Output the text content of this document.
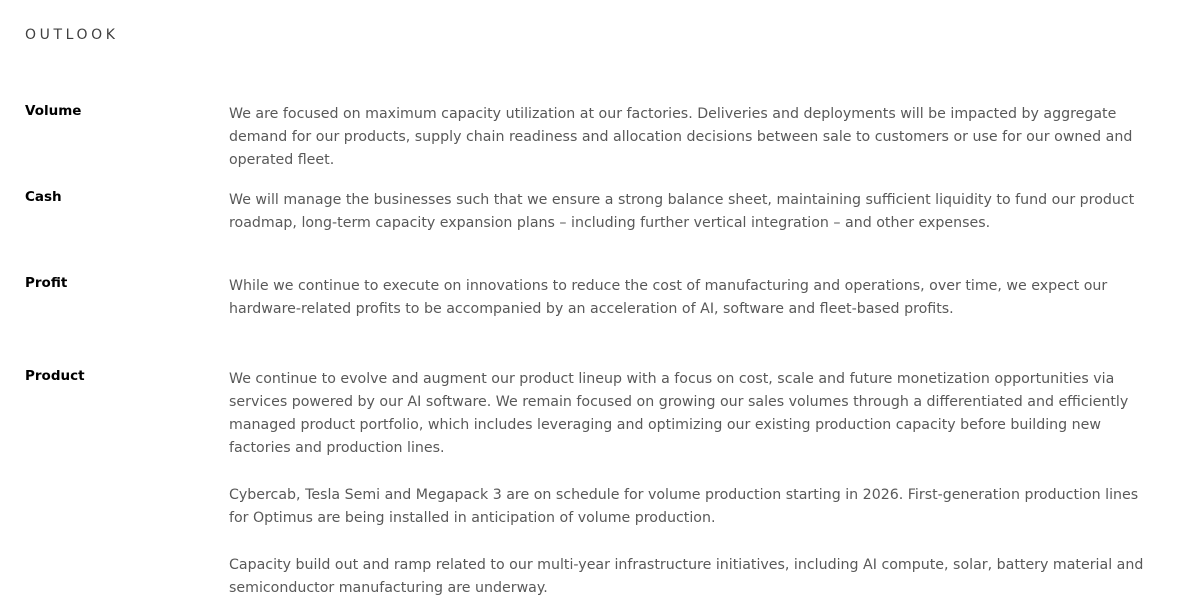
OUTLOOK
Volume	We are focused on maximum capacity utilization at our factories. Deliveries and deployments will be impacted by aggregate demand for our products, supply chain readiness and allocation decisions between sale to customers or use for our owned and operated fleet.

Cash	We will manage the businesses such that we ensure a strong balance sheet, maintaining sufficient liquidity to fund our product roadmap, long-term capacity expansion plans – including further vertical integration – and other expenses.

Profit	While we continue to execute on innovations to reduce the cost of manufacturing and operations, over time, we expect our hardware-related profits to be accompanied by an acceleration of AI, software and fleet-based profits.

Product	We continue to evolve and augment our product lineup with a focus on cost, scale and future monetization opportunities via services powered by our AI software. We remain focused on growing our sales volumes through a differentiated and efficiently managed product portfolio, which includes leveraging and optimizing our existing production capacity before building new factories and production lines.

Cybercab, Tesla Semi and Megapack 3 are on schedule for volume production starting in 2026. First-generation production lines for Optimus are being installed in anticipation of volume production.

Capacity build out and ramp related to our multi-year infrastructure initiatives, including AI compute, solar, battery material and semiconductor manufacturing are underway.
